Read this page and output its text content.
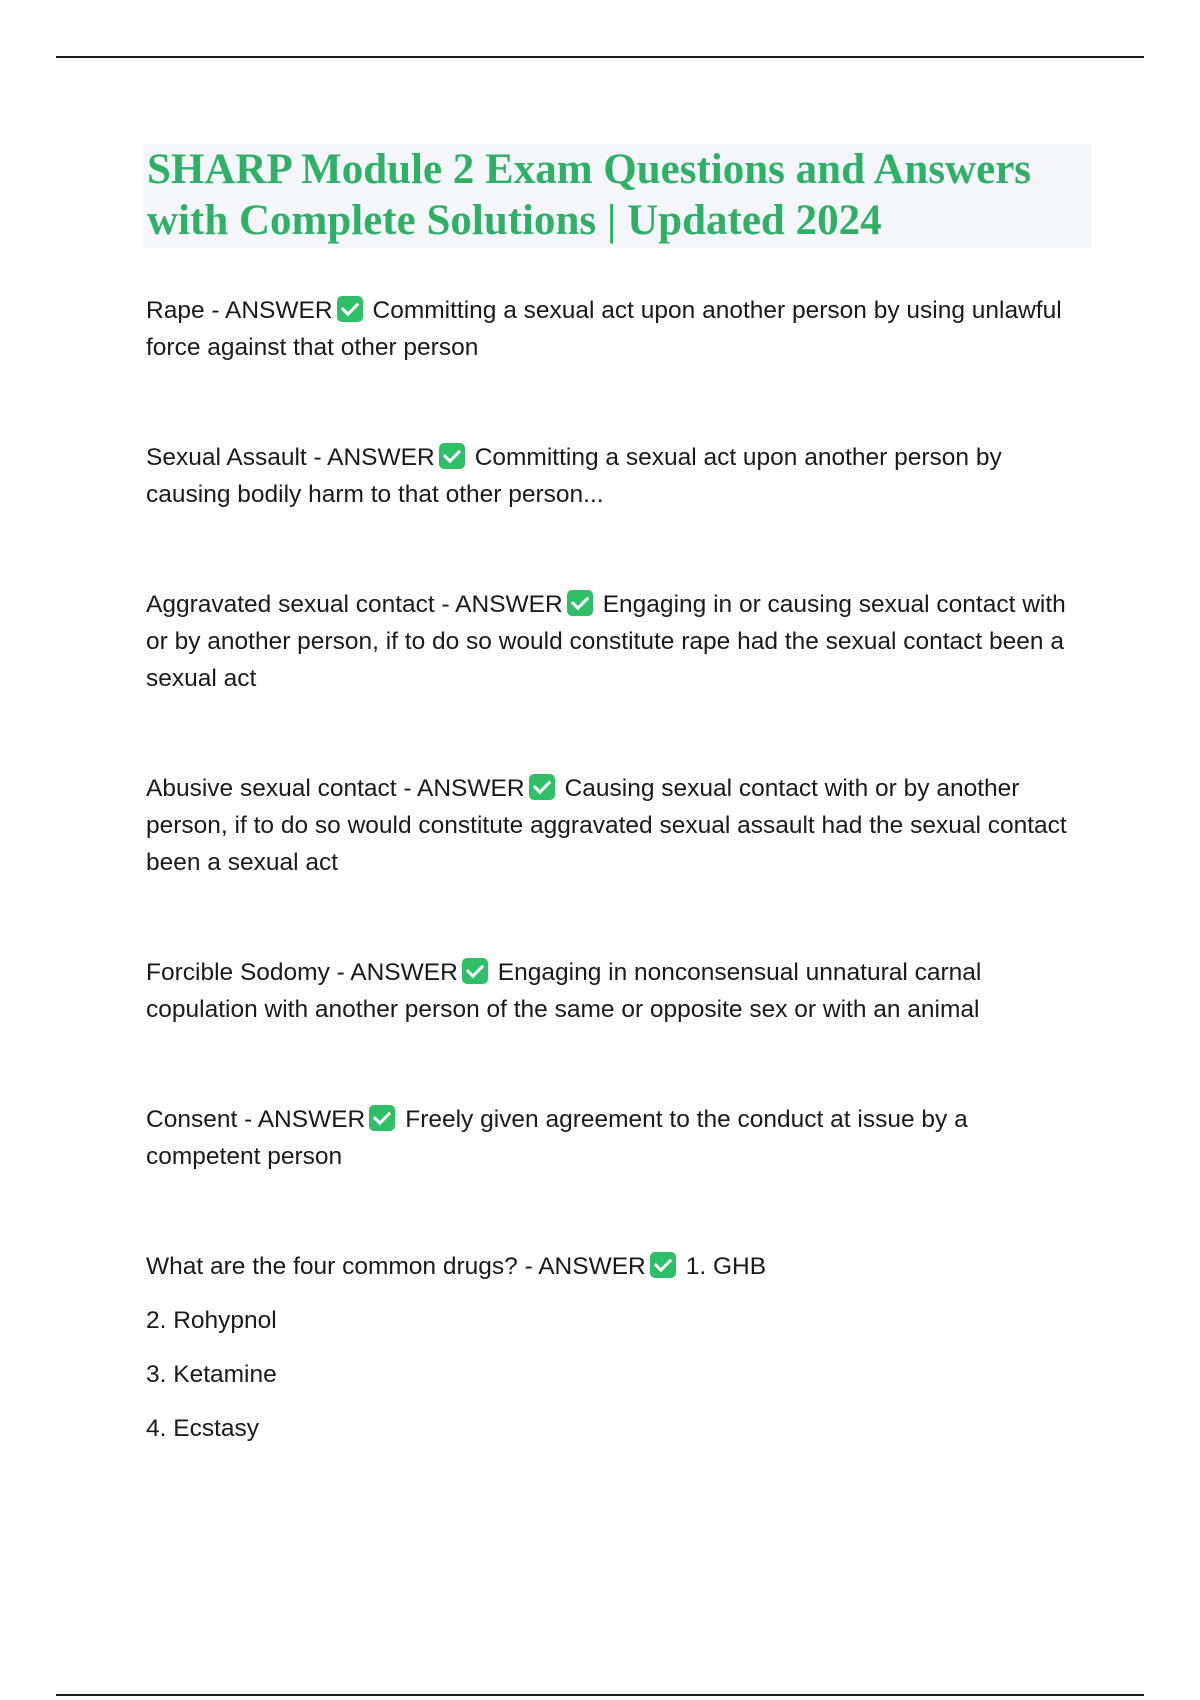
SHARP Module 2 Exam Questions and Answers with Complete Solutions | Updated 2024
Rape - ANSWER Committing a sexual act upon another person by using unlawful force against that other person
Sexual Assault - ANSWER Committing a sexual act upon another person by causing bodily harm to that other person...
Aggravated sexual contact - ANSWER Engaging in or causing sexual contact with or by another person, if to do so would constitute rape had the sexual contact been a sexual act
Abusive sexual contact - ANSWER Causing sexual contact with or by another person, if to do so would constitute aggravated sexual assault had the sexual contact been a sexual act
Forcible Sodomy - ANSWER Engaging in nonconsensual unnatural carnal copulation with another person of the same or opposite sex or with an animal
Consent - ANSWER Freely given agreement to the conduct at issue by a competent person
What are the four common drugs? - ANSWER 1. GHB
2. Rohypnol
3. Ketamine
4. Ecstasy
